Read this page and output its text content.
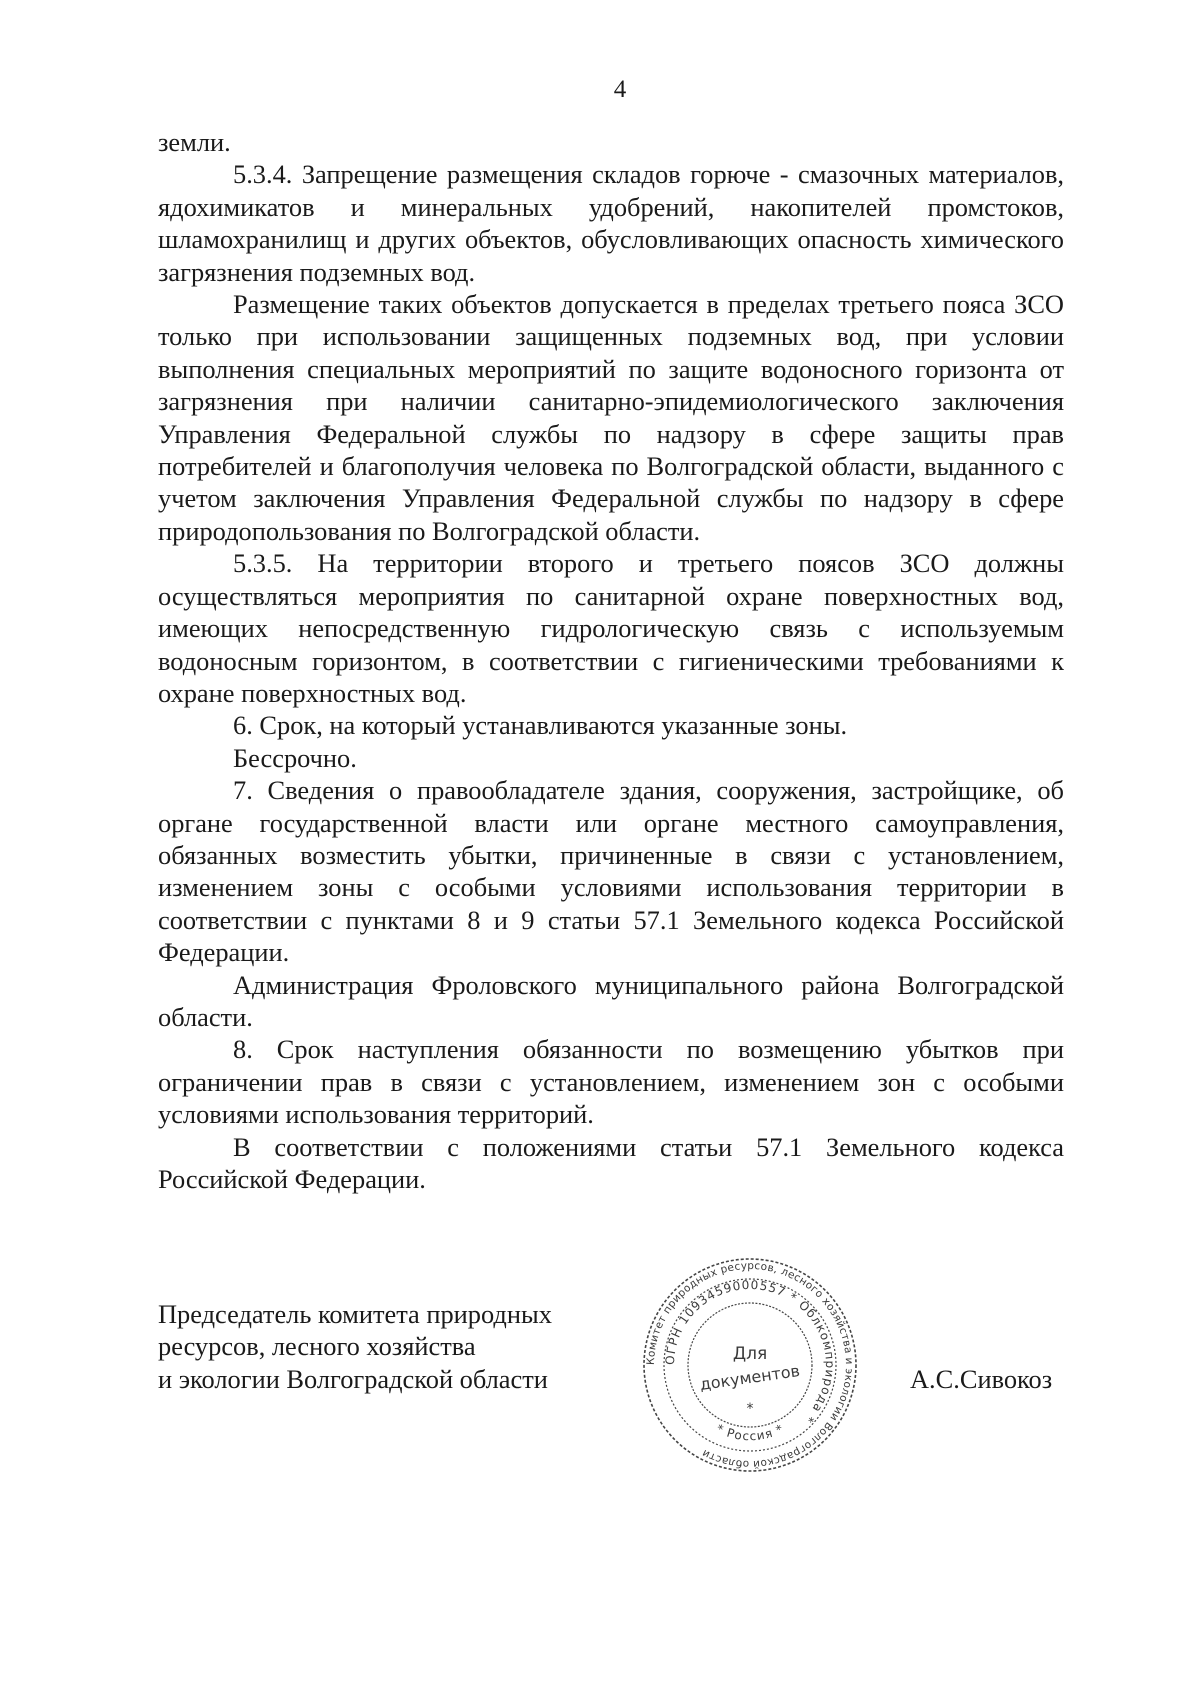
4

земли.

5.3.4. Запрещение размещения складов горюче - смазочных материалов, ядохимикатов и минеральных удобрений, накопителей промстоков, шламохранилищ и других объектов, обусловливающих опасность химического загрязнения подземных вод.

Размещение таких объектов допускается в пределах третьего пояса ЗСО только при использовании защищенных подземных вод, при условии выполнения специальных мероприятий по защите водоносного горизонта от загрязнения при наличии санитарно-эпидемиологического заключения Управления Федеральной службы по надзору в сфере защиты прав потребителей и благополучия человека по Волгоградской области, выданного с учетом заключения Управления Федеральной службы по надзору в сфере природопользования по Волгоградской области.

5.3.5. На территории второго и третьего поясов ЗСО должны осуществляться мероприятия по санитарной охране поверхностных вод, имеющих непосредственную гидрологическую связь с используемым водоносным горизонтом, в соответствии с гигиеническими требованиями к охране поверхностных вод.

6. Срок, на который устанавливаются указанные зоны.

Бессрочно.

7. Сведения о правообладателе здания, сооружения, застройщике, об органе государственной власти или органе местного самоуправления, обязанных возместить убытки, причиненные в связи с установлением, изменением зоны с особыми условиями использования территории в соответствии с пунктами 8 и 9 статьи 57.1 Земельного кодекса Российской Федерации.

Администрация Фроловского муниципального района Волгоградской области.

8. Срок наступления обязанности по возмещению убытков при ограничении прав в связи с установлением, изменением зон с особыми условиями использования территорий.

В соответствии с положениями статьи 57.1 Земельного кодекса Российской Федерации.

Председатель комитета природных
ресурсов, лесного хозяйства
и экологии Волгоградской области
Комитет природных ресурсов, лесного хозяйства и экологии Волгоградской области
ОГРН 1093459000557 * Облкомприрода *
Для
документов
* Россия *
*
А.С.Сивокоз
